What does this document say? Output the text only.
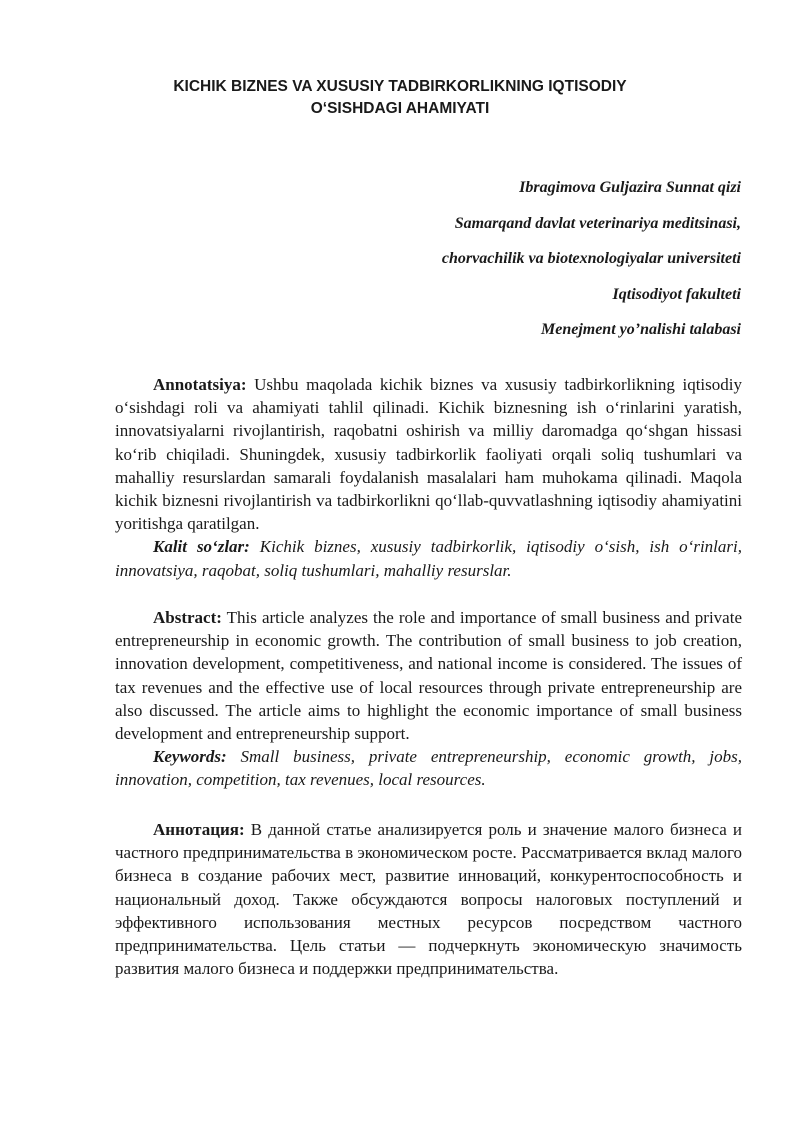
KICHIK BIZNES VA XUSUSIY TADBIRKORLIKNING IQTISODIY
O‘SISHDAGI AHAMIYATI
Ibragimova Guljazira Sunnat qizi
Samarqand davlat veterinariya meditsinasi,
chorvachilik va biotexnologiyalar universiteti
Iqtisodiyot fakulteti
Menejment yo’nalishi talabasi

Annotatsiya: Ushbu maqolada kichik biznes va xususiy tadbirkorlikning iqtisodiy o‘sishdagi roli va ahamiyati tahlil qilinadi. Kichik biznesning ish o‘rinlarini yaratish, innovatsiyalarni rivojlantirish, raqobatni oshirish va milliy daromadga qo‘shgan hissasi ko‘rib chiqiladi. Shuningdek, xususiy tadbirkorlik faoliyati orqali soliq tushumlari va mahalliy resurslardan samarali foydalanish masalalari ham muhokama qilinadi. Maqola kichik biznesni rivojlantirish va tadbirkorlikni qo‘llab-quvvatlashning iqtisodiy ahamiyatini yoritishga qaratilgan.

Kalit so‘zlar: Kichik biznes, xususiy tadbirkorlik, iqtisodiy o‘sish, ish o‘rinlari, innovatsiya, raqobat, soliq tushumlari, mahalliy resurslar.

Abstract: This article analyzes the role and importance of small business and private entrepreneurship in economic growth. The contribution of small business to job creation, innovation development, competitiveness, and national income is considered. The issues of tax revenues and the effective use of local resources through private entrepreneurship are also discussed. The article aims to highlight the economic importance of small business development and entrepreneurship support.

Keywords: Small business, private entrepreneurship, economic growth, jobs, innovation, competition, tax revenues, local resources.

Аннотация: В данной статье анализируется роль и значение малого бизнеса и частного предпринимательства в экономическом росте. Рассматривается вклад малого бизнеса в создание рабочих мест, развитие инноваций, конкурентоспособность и национальный доход. Также обсуждаются вопросы налоговых поступлений и эффективного использования местных ресурсов посредством частного предпринимательства. Цель статьи — подчеркнуть экономическую значимость развития малого бизнеса и поддержки предпринимательства.
